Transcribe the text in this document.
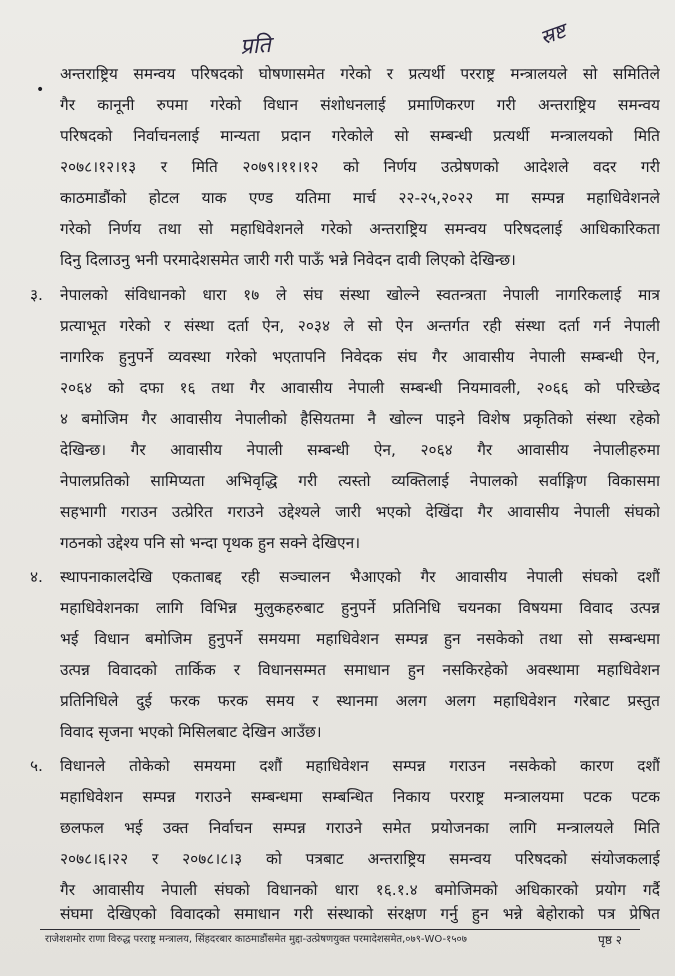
प्रति	स्रष्ट
•
अन्तराष्ट्रिय समन्वय परिषदको घोषणासमेत गरेको र प्रत्यर्थी परराष्ट्र मन्त्रालयले सो समितिले
गैर कानूनी रुपमा गरेको विधान संशोधनलाई प्रमाणिकरण गरी अन्तराष्ट्रिय समन्वय
परिषदको निर्वाचनलाई मान्यता प्रदान गरेकोले सो सम्बन्धी प्रत्यर्थी मन्त्रालयको मिति
२०७८।१२।१३ र मिति २०७९।११।१२ को निर्णय उत्प्रेषणको आदेशले वदर गरी
काठमाडौंको होटल याक एण्ड यतिमा मार्च २२-२५,२०२२ मा सम्पन्न महाधिवेशनले
गरेको निर्णय तथा सो महाधिवेशनले गरेको अन्तराष्ट्रिय समन्वय परिषदलाई आधिकारिकता
दिनु दिलाउनु भनी परमादेशसमेत जारी गरी पाऊँ भन्ने निवेदन दावी लिएको देखिन्छ।
३. नेपालको संविधानको धारा १७ ले संघ संस्था खोल्ने स्वतन्त्रता नेपाली नागरिकलाई मात्र
प्रत्याभूत गरेको र संस्था दर्ता ऐन, २०३४ ले सो ऐन अन्तर्गत रही संस्था दर्ता गर्न नेपाली
नागरिक हुनुपर्ने व्यवस्था गरेको भएतापनि निवेदक संघ गैर आवासीय नेपाली सम्बन्धी ऐन,
२०६४ को दफा १६ तथा गैर आवासीय नेपाली सम्बन्धी नियमावली, २०६६ को परिच्छेद
४ बमोजिम गैर आवासीय नेपालीको हैसियतमा नै खोल्न पाइने विशेष प्रकृतिको संस्था रहेको
देखिन्छ। गैर आवासीय नेपाली सम्बन्धी ऐन, २०६४ गैर आवासीय नेपालीहरुमा
नेपालप्रतिको सामिप्यता अभिवृद्धि गरी त्यस्तो व्यक्तिलाई नेपालको सर्वाङ्गिण विकासमा
सहभागी गराउन उत्प्रेरित गराउने उद्देश्यले जारी भएको देखिंदा गैर आवासीय नेपाली संघको
गठनको उद्देश्य पनि सो भन्दा पृथक हुन सक्ने देखिएन।
४. स्थापनाकालदेखि एकताबद्द रही सञ्चालन भैआएको गैर आवासीय नेपाली संघको दशौं
महाधिवेशनका लागि विभिन्न मुलुकहरुबाट हुनुपर्ने प्रतिनिधि चयनका विषयमा विवाद उत्पन्न
भई विधान बमोजिम हुनुपर्ने समयमा महाधिवेशन सम्पन्न हुन नसकेको तथा सो सम्बन्धमा
उत्पन्न विवादको तार्किक र विधानसम्मत समाधान हुन नसकिरहेको अवस्थामा महाधिवेशन
प्रतिनिधिले दुई फरक फरक समय र स्थानमा अलग अलग महाधिवेशन गरेबाट प्रस्तुत
विवाद सृजना भएको मिसिलबाट देखिन आउँछ।
५. विधानले तोकेको समयमा दशौं महाधिवेशन सम्पन्न गराउन नसकेको कारण दशौं
महाधिवेशन सम्पन्न गराउने सम्बन्धमा सम्बन्धित निकाय परराष्ट्र मन्त्रालयमा पटक पटक
छलफल भई उक्त निर्वाचन सम्पन्न गराउने समेत प्रयोजनका लागि मन्त्रालयले मिति
२०७८।६।२२ र २०७८।८।३ को पत्रबाट अन्तराष्ट्रिय समन्वय परिषदको संयोजकलाई
गैर आवासीय नेपाली संघको विधानको धारा १६.१.४ बमोजिमको अधिकारको प्रयोग गर्दै
संघमा देखिएको विवादको समाधान गरी संस्थाको संरक्षण गर्नु हुन भन्ने बेहोराको पत्र प्रेषित
राजेशशमोर राणा विरुद्ध परराष्ट्र मन्त्रालय, सिंहदरबार काठमाडौंसमेत मुद्दा-उत्प्रेषणयुक्त परमादेशसमेत,०७९-WO-१५०७	पृष्ठ २
